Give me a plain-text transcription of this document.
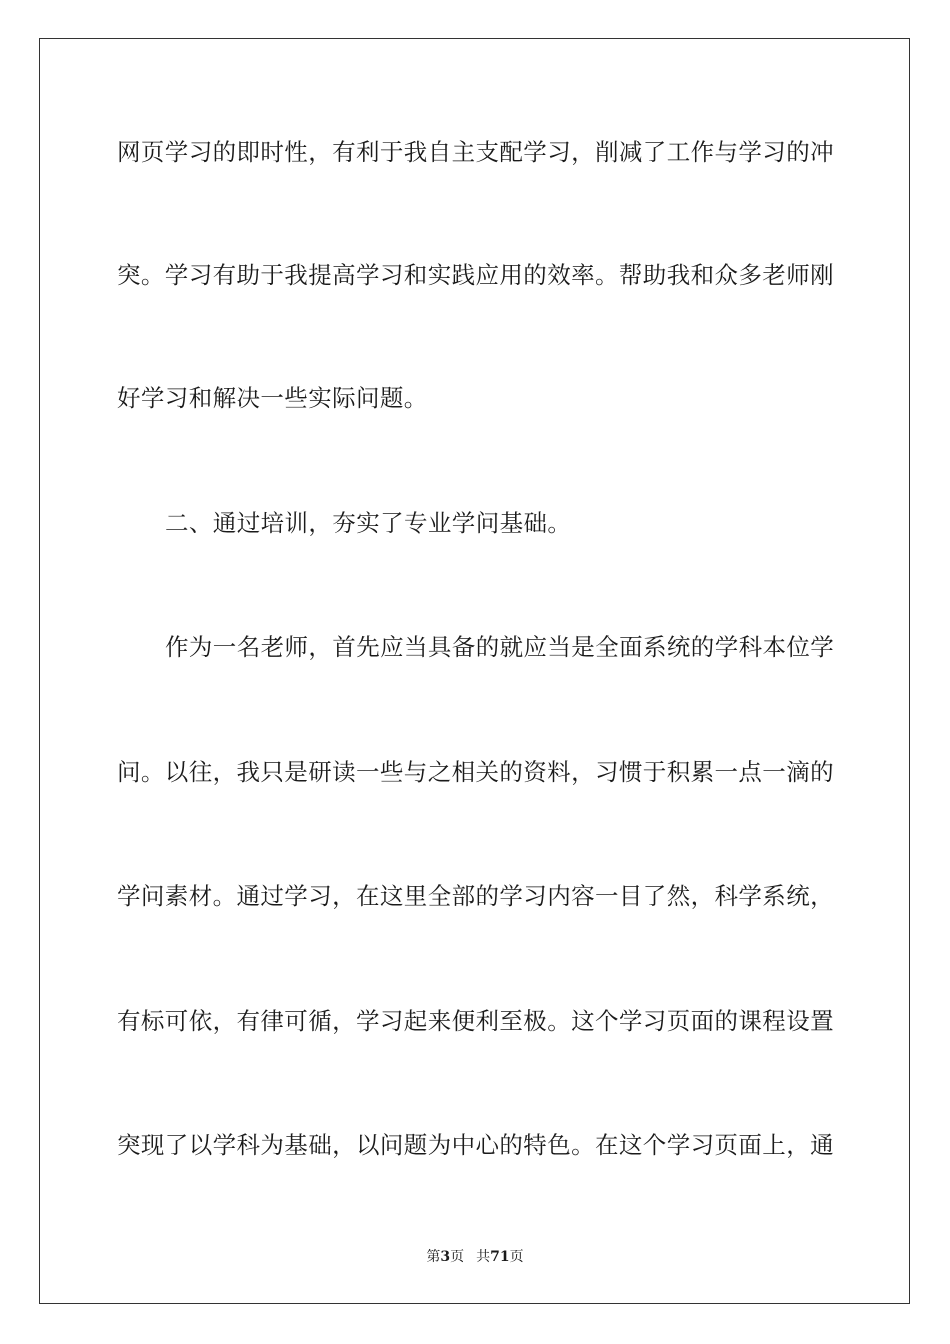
网页学习的即时性，有利于我自主支配学习，削减了工作与学习的冲
突。学习有助于我提高学习和实践应用的效率。帮助我和众多老师刚
好学习和解决一些实际问题。
二、通过培训，夯实了专业学问基础。
作为一名老师，首先应当具备的就应当是全面系统的学科本位学
问。以往，我只是研读一些与之相关的资料，习惯于积累一点一滴的
学问素材。通过学习，在这里全部的学习内容一目了然，科学系统，
有标可依，有律可循，学习起来便利至极。这个学习页面的课程设置
突现了以学科为基础，以问题为中心的特色。在这个学习页面上，通
第3页 共71页
